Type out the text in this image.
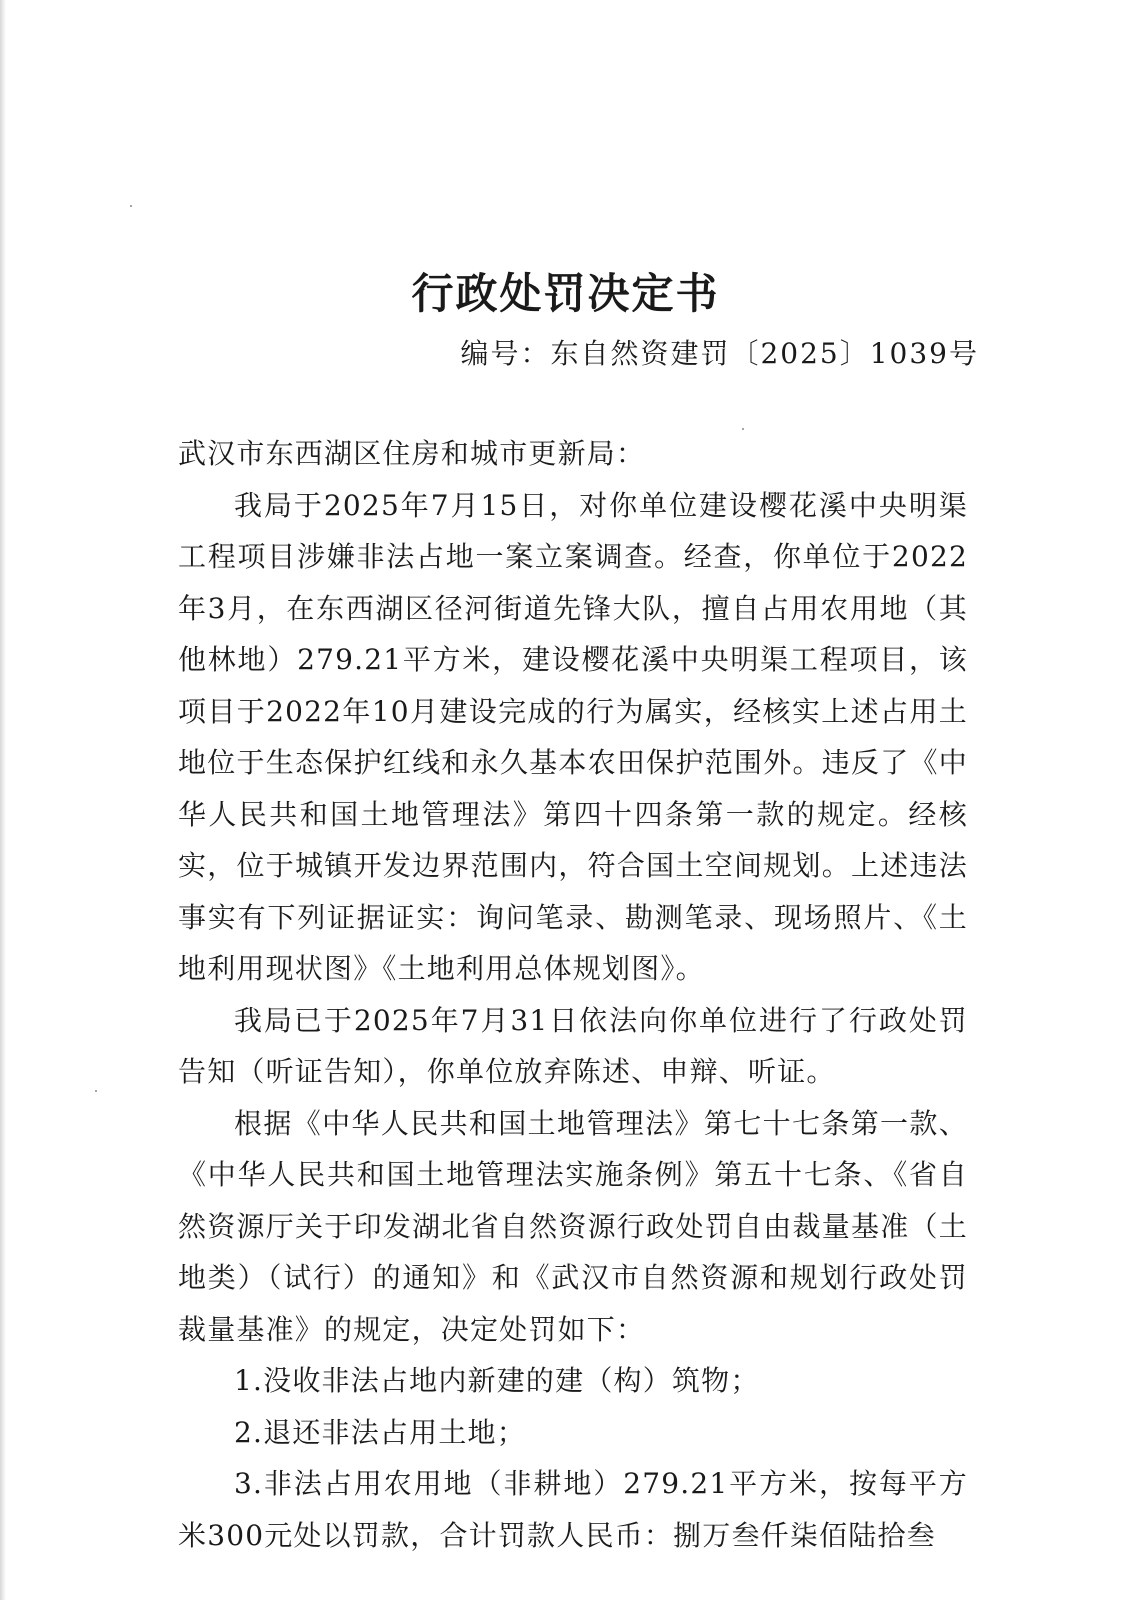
行政处罚决定书
编号：东自然资建罚〔2025〕1039号

武汉市东西湖区住房和城市更新局：

我局于2025年7月15日，对你单位建设樱花溪中央明渠工程项目涉嫌非法占地一案立案调查。经查，你单位于2022年3月，在东西湖区径河街道先锋大队，擅自占用农用地（其他林地）279.21平方米，建设樱花溪中央明渠工程项目，该项目于2022年10月建设完成的行为属实，经核实上述占用土地位于生态保护红线和永久基本农田保护范围外。违反了《中华人民共和国土地管理法》第四十四条第一款的规定。经核实，位于城镇开发边界范围内，符合国土空间规划。上述违法事实有下列证据证实：询问笔录、勘测笔录、现场照片、《土地利用现状图》《土地利用总体规划图》。

我局已于2025年7月31日依法向你单位进行了行政处罚告知（听证告知），你单位放弃陈述、申辩、听证。

根据《中华人民共和国土地管理法》第七十七条第一款、《中华人民共和国土地管理法实施条例》第五十七条、《省自然资源厅关于印发湖北省自然资源行政处罚自由裁量基准（土地类）（试行）的通知》和《武汉市自然资源和规划行政处罚裁量基准》的规定，决定处罚如下：

1.没收非法占地内新建的建（构）筑物；

2.退还非法占用土地；

3.非法占用农用地（非耕地）279.21平方米，按每平方米300元处以罚款，合计罚款人民币：捌万叁仟柒佰陆拾叁
